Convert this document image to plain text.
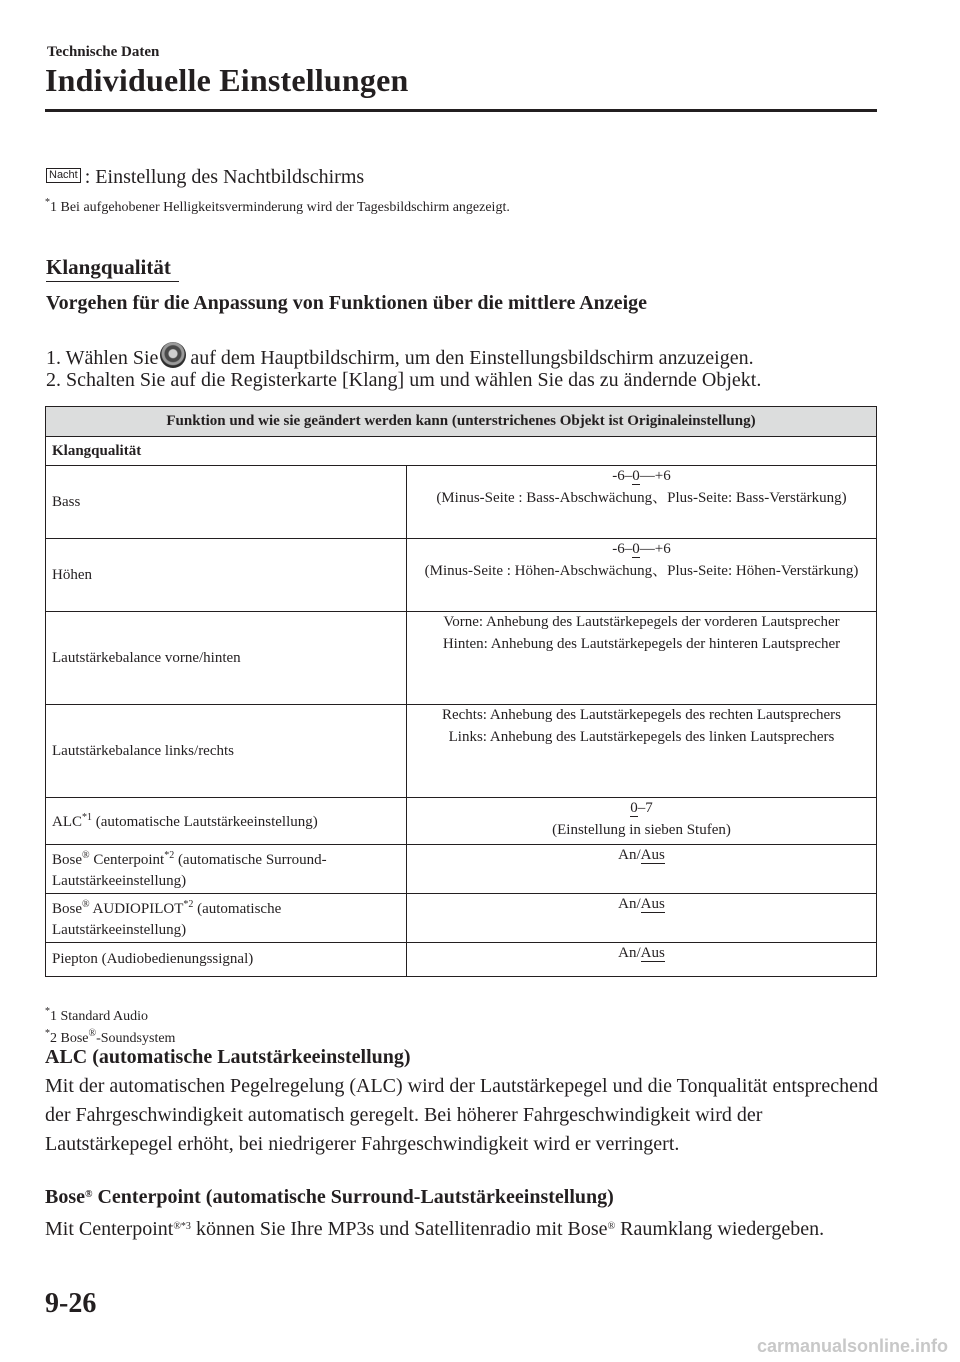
Technische Daten
Individuelle Einstellungen
Nacht : Einstellung des Nachtbildschirms
*1 Bei aufgehobener Helligkeitsverminderung wird der Tagesbildschirm angezeigt.
Klangqualität
Vorgehen für die Anpassung von Funktionen über die mittlere Anzeige
1. Wählen Sie auf dem Hauptbildschirm, um den Einstellungsbildschirm anzuzeigen.
2. Schalten Sie auf die Registerkarte [Klang] um und wählen Sie das zu ändernde Objekt.
Funktion und wie sie geändert werden kann (unterstrichenes Objekt ist Originaleinstellung)	
Klangqualität	
Bass	-6–0—+6
(Minus-Seite : Bass-Abschwächung、Plus-Seite: Bass-Verstärkung)

Höhen	-6–0—+6
(Minus-Seite : Höhen-Abschwächung、Plus-Seite: Höhen-Verstärkung)

Lautstärkebalance vorne/hinten	Vorne: Anhebung des Lautstärkepegels der vorderen Lautsprecher
Hinten: Anhebung des Lautstärkepegels der hinteren Lautsprecher

Lautstärkebalance links/rechts	Rechts: Anhebung des Lautstärkepegels des rechten Lautsprechers
Links: Anhebung des Lautstärkepegels des linken Lautsprechers

ALC$^{*1}$ (automatische Lautstärkeeinstellung)	0–7
(Einstellung in sieben Stufen)

Bose® Centerpoint$^{*2}$ (automatische Surround-Lautstärkeeinstellung)	An/Aus
Bose® AUDIOPILOT$^{*2}$ (automatische Lautstärkeeinstellung)	An/Aus
Piepton (Audiobedienungssignal)	An/Aus
*1 Standard Audio
*2 Bose®-Soundsystem
ALC (automatische Lautstärkeeinstellung)
Mit der automatischen Pegelregelung (ALC) wird der Lautstärkepegel und die Tonqualität entsprechend der Fahrgeschwindigkeit automatisch geregelt. Bei höherer Fahrgeschwindigkeit wird der Lautstärkepegel erhöht, bei niedrigerer Fahrgeschwindigkeit wird er verringert.
Bose® Centerpoint (automatische Surround-Lautstärkeeinstellung)
Mit Centerpoint$^{®*3}$ können Sie Ihre MP3s und Satellitenradio mit Bose® Raumklang wiedergeben.
9-26
carmanualsonline.info
